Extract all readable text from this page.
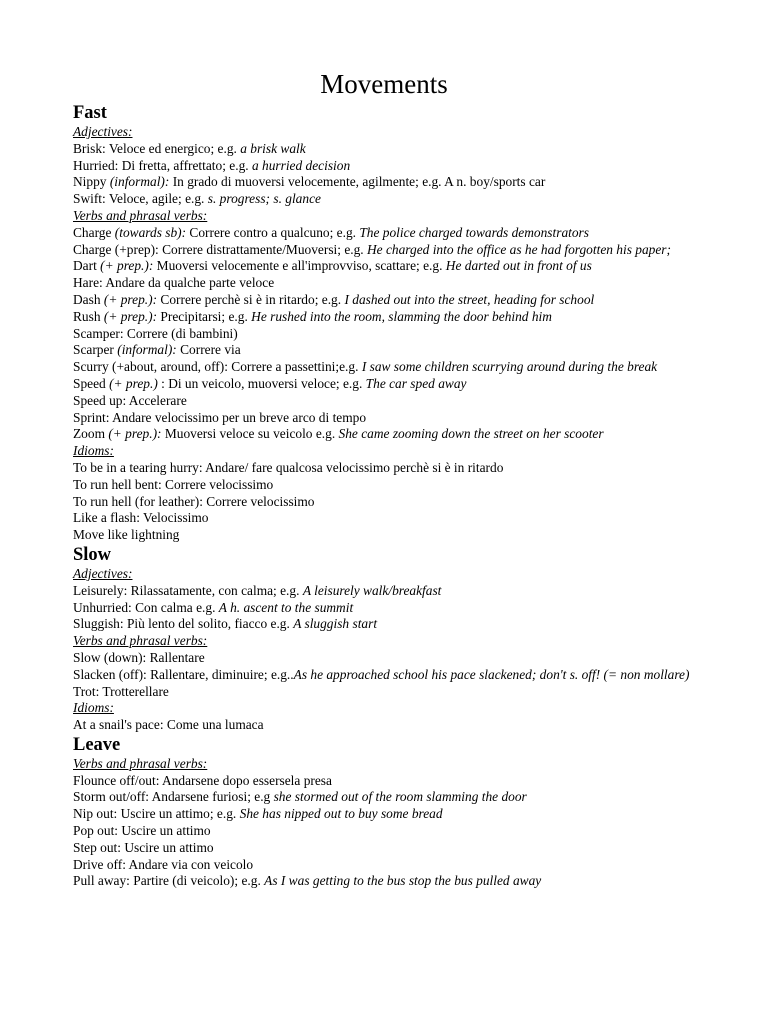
Movements
Fast
Adjectives:
Brisk: Veloce ed energico; e.g. a brisk walk
Hurried: Di fretta, affrettato; e.g. a hurried decision
Nippy (informal): In grado di muoversi velocemente, agilmente; e.g. A n. boy/sports car
Swift: Veloce, agile; e.g. s. progress; s. glance
Verbs and phrasal verbs:
Charge (towards sb): Correre contro a qualcuno; e.g. The police charged towards demonstrators
Charge (+prep): Correre distrattamente/Muoversi; e.g. He charged into the office as he had forgotten his paper;
Dart (+ prep.): Muoversi velocemente e all'improvviso, scattare; e.g. He darted out in front of us
Hare: Andare da qualche parte veloce
Dash (+ prep.): Correre perchè si è in ritardo; e.g. I dashed out into the street, heading for school
Rush (+ prep.): Precipitarsi; e.g. He rushed into the room, slamming the door behind him
Scamper: Correre (di bambini)
Scarper (informal): Correre via
Scurry (+about, around, off): Correre a passettini;e.g. I saw some children scurrying around during the break
Speed (+ prep.) : Di un veicolo, muoversi veloce; e.g. The car sped away
Speed up: Accelerare
Sprint: Andare velocissimo per un breve arco di tempo
Zoom (+ prep.): Muoversi veloce su veicolo e.g. She came zooming down the street on her scooter
Idioms:
To be in a tearing hurry: Andare/ fare qualcosa velocissimo perchè si è in ritardo
To run hell bent: Correre velocissimo
To run hell (for leather): Correre velocissimo
Like a flash: Velocissimo
Move like lightning
Slow
Adjectives:
Leisurely: Rilassatamente, con calma; e.g. A leisurely walk/breakfast
Unhurried: Con calma e.g. A h. ascent to the summit
Sluggish: Più lento del solito, fiacco e.g. A sluggish start
Verbs and phrasal verbs:
Slow (down): Rallentare
Slacken (off): Rallentare, diminuire; e.g..As he approached school his pace slackened; don't s. off! (= non mollare)
Trot: Trotterellare
Idioms:
At a snail's pace: Come una lumaca
Leave
Verbs and phrasal verbs:
Flounce off/out: Andarsene dopo essersela presa
Storm out/off: Andarsene furiosi; e.g she stormed out of the room slamming the door
Nip out: Uscire un attimo; e.g. She has nipped out to buy some bread
Pop out: Uscire un attimo
Step out: Uscire un attimo
Drive off: Andare via con veicolo
Pull away: Partire (di veicolo); e.g. As I was getting to the bus stop the bus pulled away
